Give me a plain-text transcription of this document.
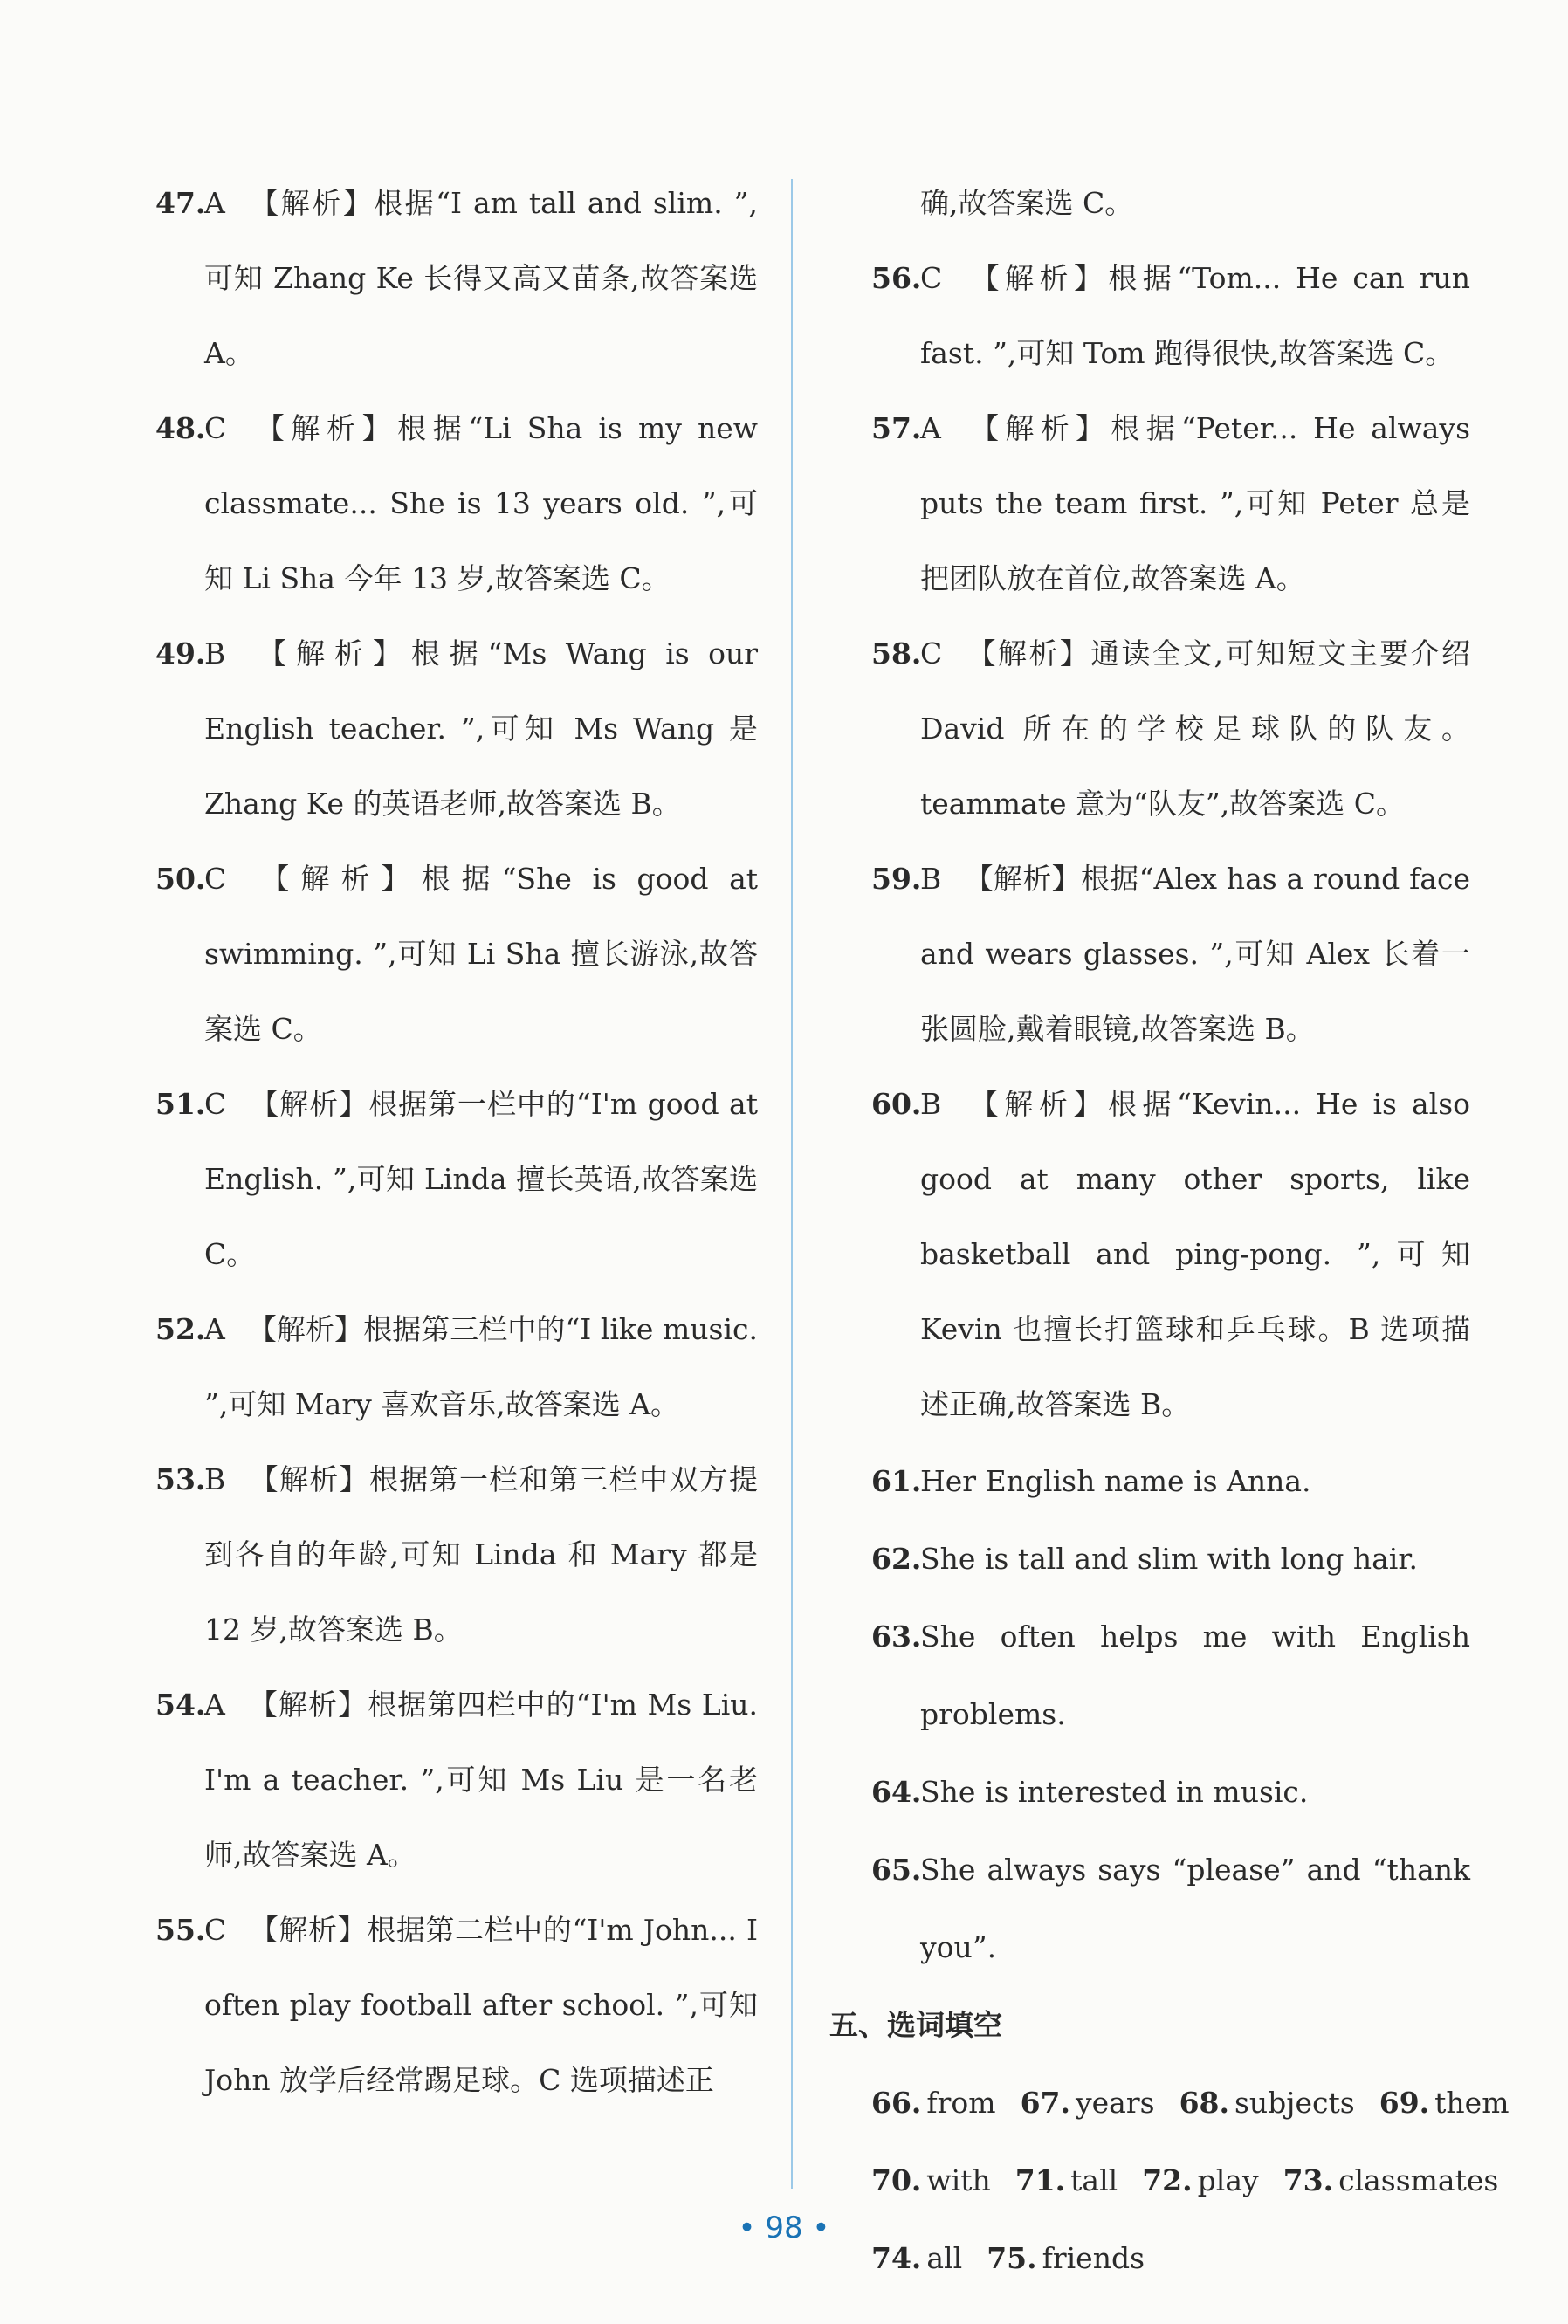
47.
A 【解析】根据“I am tall and slim. ”,可知 Zhang Ke 长得又高又苗条,故答案选 A。

48.
C 【解析】根据“Li Sha is my new classmate... She is 13 years old. ”,可知 Li Sha 今年 13 岁,故答案选 C。

49.
B 【解析】根据“Ms Wang is our English teacher. ”,可知 Ms Wang 是 Zhang Ke 的英语老师,故答案选 B。

50.
C 【解析】根据“She is good at swimming. ”,可知 Li Sha 擅长游泳,故答案选 C。

51.
C 【解析】根据第一栏中的“I'm good at English. ”,可知 Linda 擅长英语,故答案选 C。

52.
A 【解析】根据第三栏中的“I like music. ”,可知 Mary 喜欢音乐,故答案选 A。

53.
B 【解析】根据第一栏和第三栏中双方提到各自的年龄,可知 Linda 和 Mary 都是 12 岁,故答案选 B。

54.
A 【解析】根据第四栏中的“I'm Ms Liu. I'm a teacher. ”,可知 Ms Liu 是一名老师,故答案选 A。

55.
C 【解析】根据第二栏中的“I'm John... I often play football after school. ”,可知 John 放学后经常踢足球。C 选项描述正

确,故答案选 C。

56.
C 【解析】根据“Tom... He can run fast. ”,可知 Tom 跑得很快,故答案选 C。

57.
A 【解析】根据“Peter... He always puts the team first. ”,可知 Peter 总是把团队放在首位,故答案选 A。

58.
C 【解析】通读全文,可知短文主要介绍 David 所在的学校足球队的队友。teammate 意为“队友”,故答案选 C。

59.
B 【解析】根据“Alex has a round face and wears glasses. ”,可知 Alex 长着一张圆脸,戴着眼镜,故答案选 B。

60.
B 【解析】根据“Kevin... He is also good at many other sports, like basketball and ping-pong. ”,可知 Kevin 也擅长打篮球和乒乓球。B 选项描述正确,故答案选 B。

61.
Her English name is Anna.

62.
She is tall and slim with long hair.

63.
She often helps me with English problems.

64.
She is interested in music.

65.
She always says “please” and “thank you”.

五、选词填空

66. from 67. years 68. subjects 69. them

70. with 71. tall 72. play 73. classmates

74. all 75. friends

• 98 •
